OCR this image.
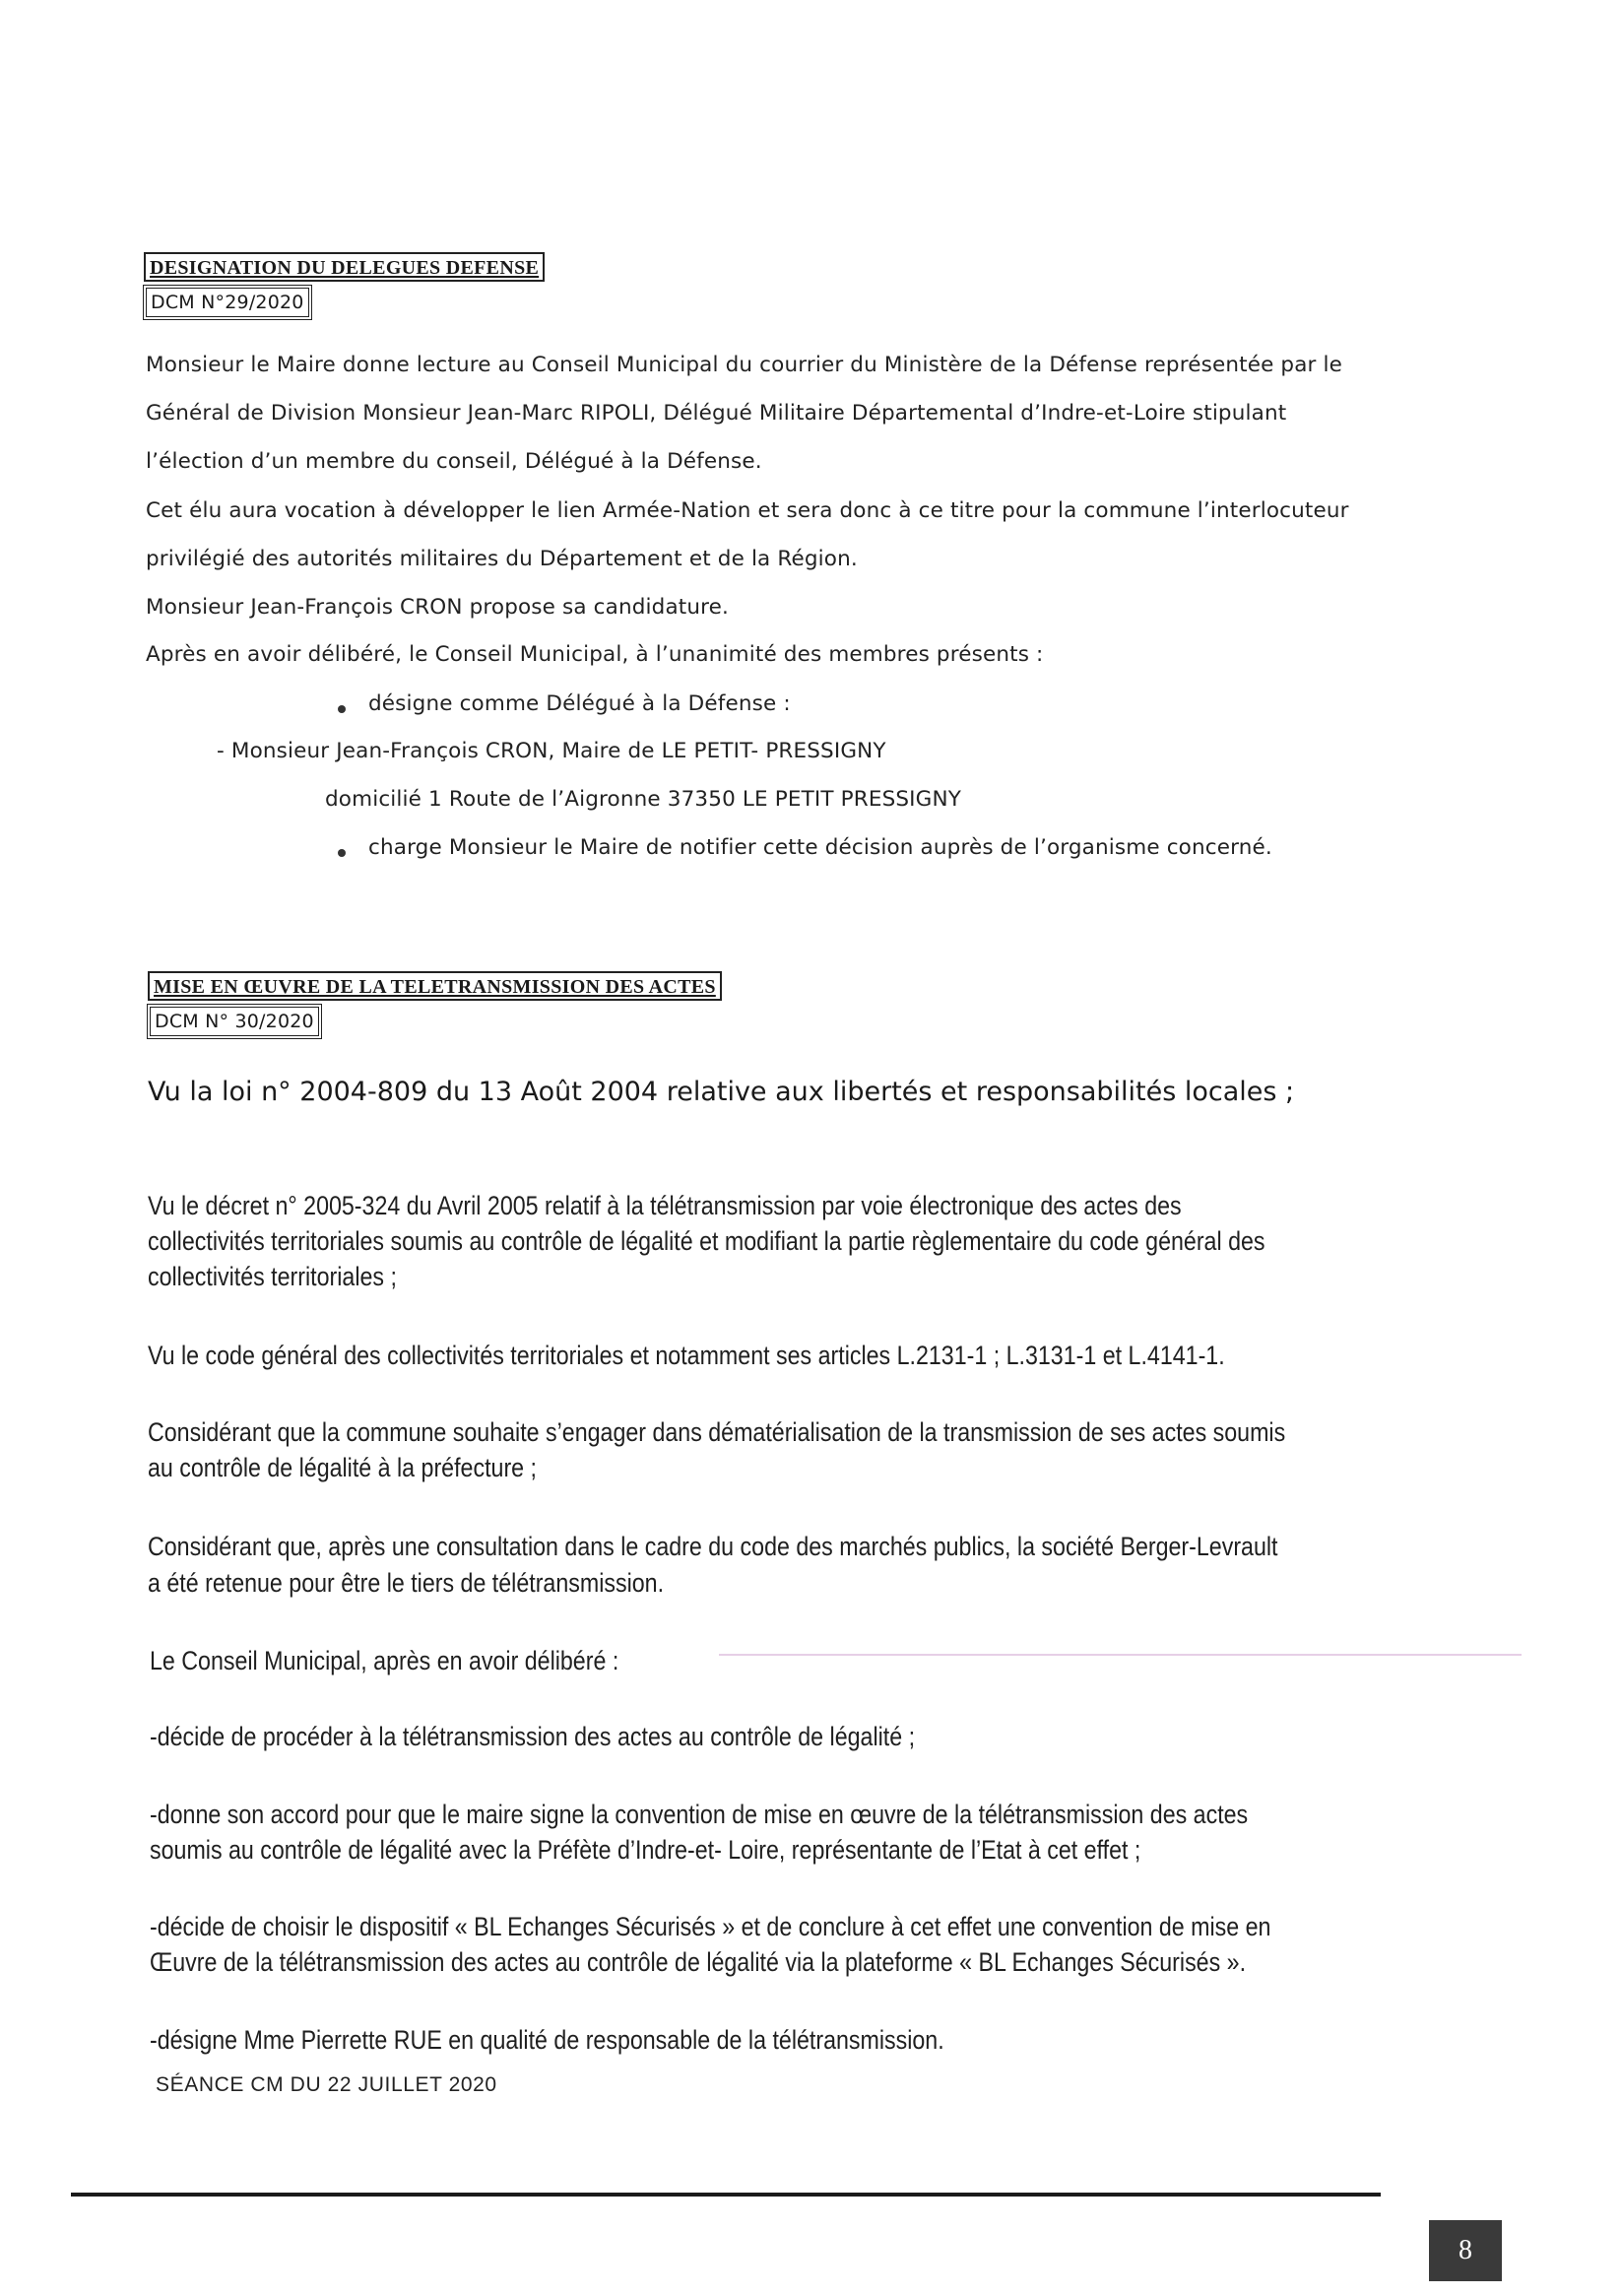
DESIGNATION DU DELEGUES DEFENSE
DCM N°29/2020
Monsieur le Maire donne lecture au Conseil Municipal du courrier du Ministère de la Défense représentée par le
Général de Division Monsieur Jean-Marc RIPOLI, Délégué Militaire Départemental d’Indre-et-Loire stipulant
l’élection d’un membre du conseil, Délégué à la Défense.
Cet élu aura vocation à développer le lien Armée-Nation et sera donc à ce titre pour la commune l’interlocuteur
privilégié des autorités militaires du Département et de la Région.
Monsieur Jean-François CRON propose sa candidature.
Après en avoir délibéré, le Conseil Municipal, à l’unanimité des membres présents :
désigne comme Délégué à la Défense :
- Monsieur Jean-François CRON, Maire de LE PETIT- PRESSIGNY
domicilié 1 Route de l’Aigronne 37350 LE PETIT PRESSIGNY
charge Monsieur le Maire de notifier cette décision auprès de l’organisme concerné.
MISE EN ŒUVRE DE LA TELETRANSMISSION DES ACTES
DCM N° 30/2020
Vu la loi n° 2004-809 du 13 Août 2004 relative aux libertés et responsabilités locales ;
Vu le décret n° 2005-324 du Avril 2005 relatif à la télétransmission par voie électronique des actes des
collectivités territoriales soumis au contrôle de légalité et modifiant la partie règlementaire du code général des
collectivités territoriales ;
Vu le code général des collectivités territoriales et notamment ses articles L.2131-1 ; L.3131-1 et L.4141-1.
Considérant que la commune souhaite s’engager dans dématérialisation de la transmission de ses actes soumis
au contrôle de légalité à la préfecture ;
Considérant que, après une consultation dans le cadre du code des marchés publics, la société Berger-Levrault
a été retenue pour être le tiers de télétransmission.
Le Conseil Municipal, après en avoir délibéré :
-décide de procéder à la télétransmission des actes au contrôle de légalité ;
-donne son accord pour que le maire signe la convention de mise en œuvre de la télétransmission des actes
soumis au contrôle de légalité avec la Préfète d’Indre-et- Loire, représentante de l’Etat à cet effet ;
-décide de choisir le dispositif « BL Echanges Sécurisés » et de conclure à cet effet une convention de mise en
Œuvre de la télétransmission des actes au contrôle de légalité via la plateforme « BL Echanges Sécurisés ».
-désigne Mme Pierrette RUE en qualité de responsable de la télétransmission.
SÉANCE CM DU 22 JUILLET 2020
8
